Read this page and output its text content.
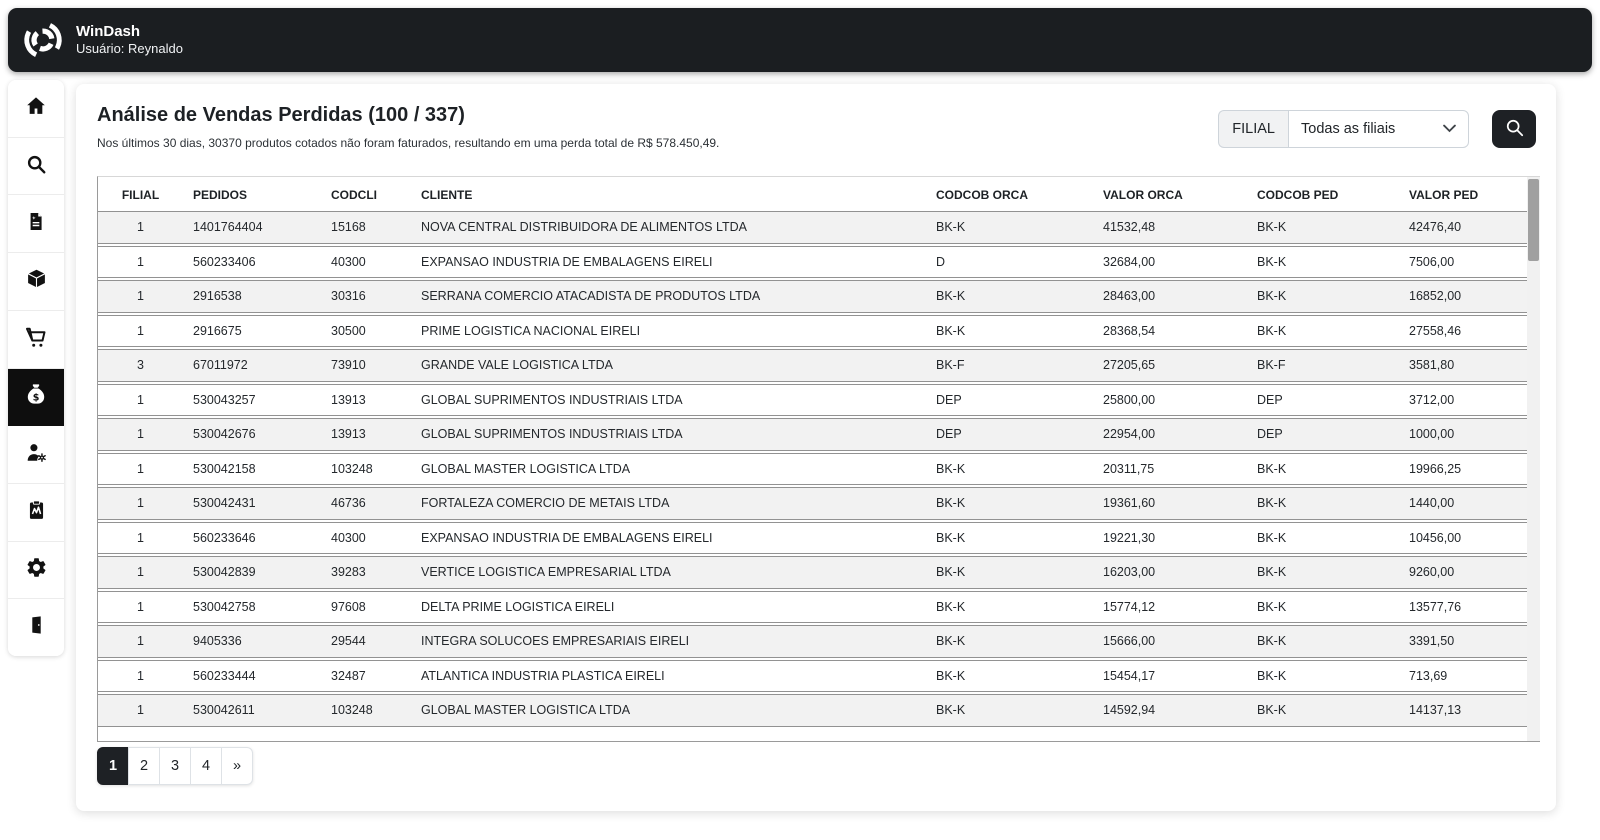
WinDash
Usuário: Reynaldo
$
Análise de Vendas Perdidas (100 / 337)

Nos últimos 30 dias, 30370 produtos cotados não foram faturados, resultando em uma perda total de R$ 578.450,49.

FILIAL	Todas as filiais
FILIAL	PEDIDOS	CODCLI	CLIENTE	CODCOB ORCA	VALOR ORCA	CODCOB PED	VALOR PED
1	1401764404	15168	NOVA CENTRAL DISTRIBUIDORA DE ALIMENTOS LTDA	BK-K	41532,48	BK-K	42476,40
1	560233406	40300	EXPANSAO INDUSTRIA DE EMBALAGENS EIRELI	D	32684,00	BK-K	7506,00
1	2916538	30316	SERRANA COMERCIO ATACADISTA DE PRODUTOS LTDA	BK-K	28463,00	BK-K	16852,00
1	2916675	30500	PRIME LOGISTICA NACIONAL EIRELI	BK-K	28368,54	BK-K	27558,46
3	67011972	73910	GRANDE VALE LOGISTICA LTDA	BK-F	27205,65	BK-F	3581,80
1	530043257	13913	GLOBAL SUPRIMENTOS INDUSTRIAIS LTDA	DEP	25800,00	DEP	3712,00
1	530042676	13913	GLOBAL SUPRIMENTOS INDUSTRIAIS LTDA	DEP	22954,00	DEP	1000,00
1	530042158	103248	GLOBAL MASTER LOGISTICA LTDA	BK-K	20311,75	BK-K	19966,25
1	530042431	46736	FORTALEZA COMERCIO DE METAIS LTDA	BK-K	19361,60	BK-K	1440,00
1	560233646	40300	EXPANSAO INDUSTRIA DE EMBALAGENS EIRELI	BK-K	19221,30	BK-K	10456,00
1	530042839	39283	VERTICE LOGISTICA EMPRESARIAL LTDA	BK-K	16203,00	BK-K	9260,00
1	530042758	97608	DELTA PRIME LOGISTICA EIRELI	BK-K	15774,12	BK-K	13577,76
1	9405336	29544	INTEGRA SOLUCOES EMPRESARIAIS EIRELI	BK-K	15666,00	BK-K	3391,50
1	560233444	32487	ATLANTICA INDUSTRIA PLASTICA EIRELI	BK-K	15454,17	BK-K	713,69
1	530042611	103248	GLOBAL MASTER LOGISTICA LTDA	BK-K	14592,94	BK-K	14137,13
1	2	3	4	»
